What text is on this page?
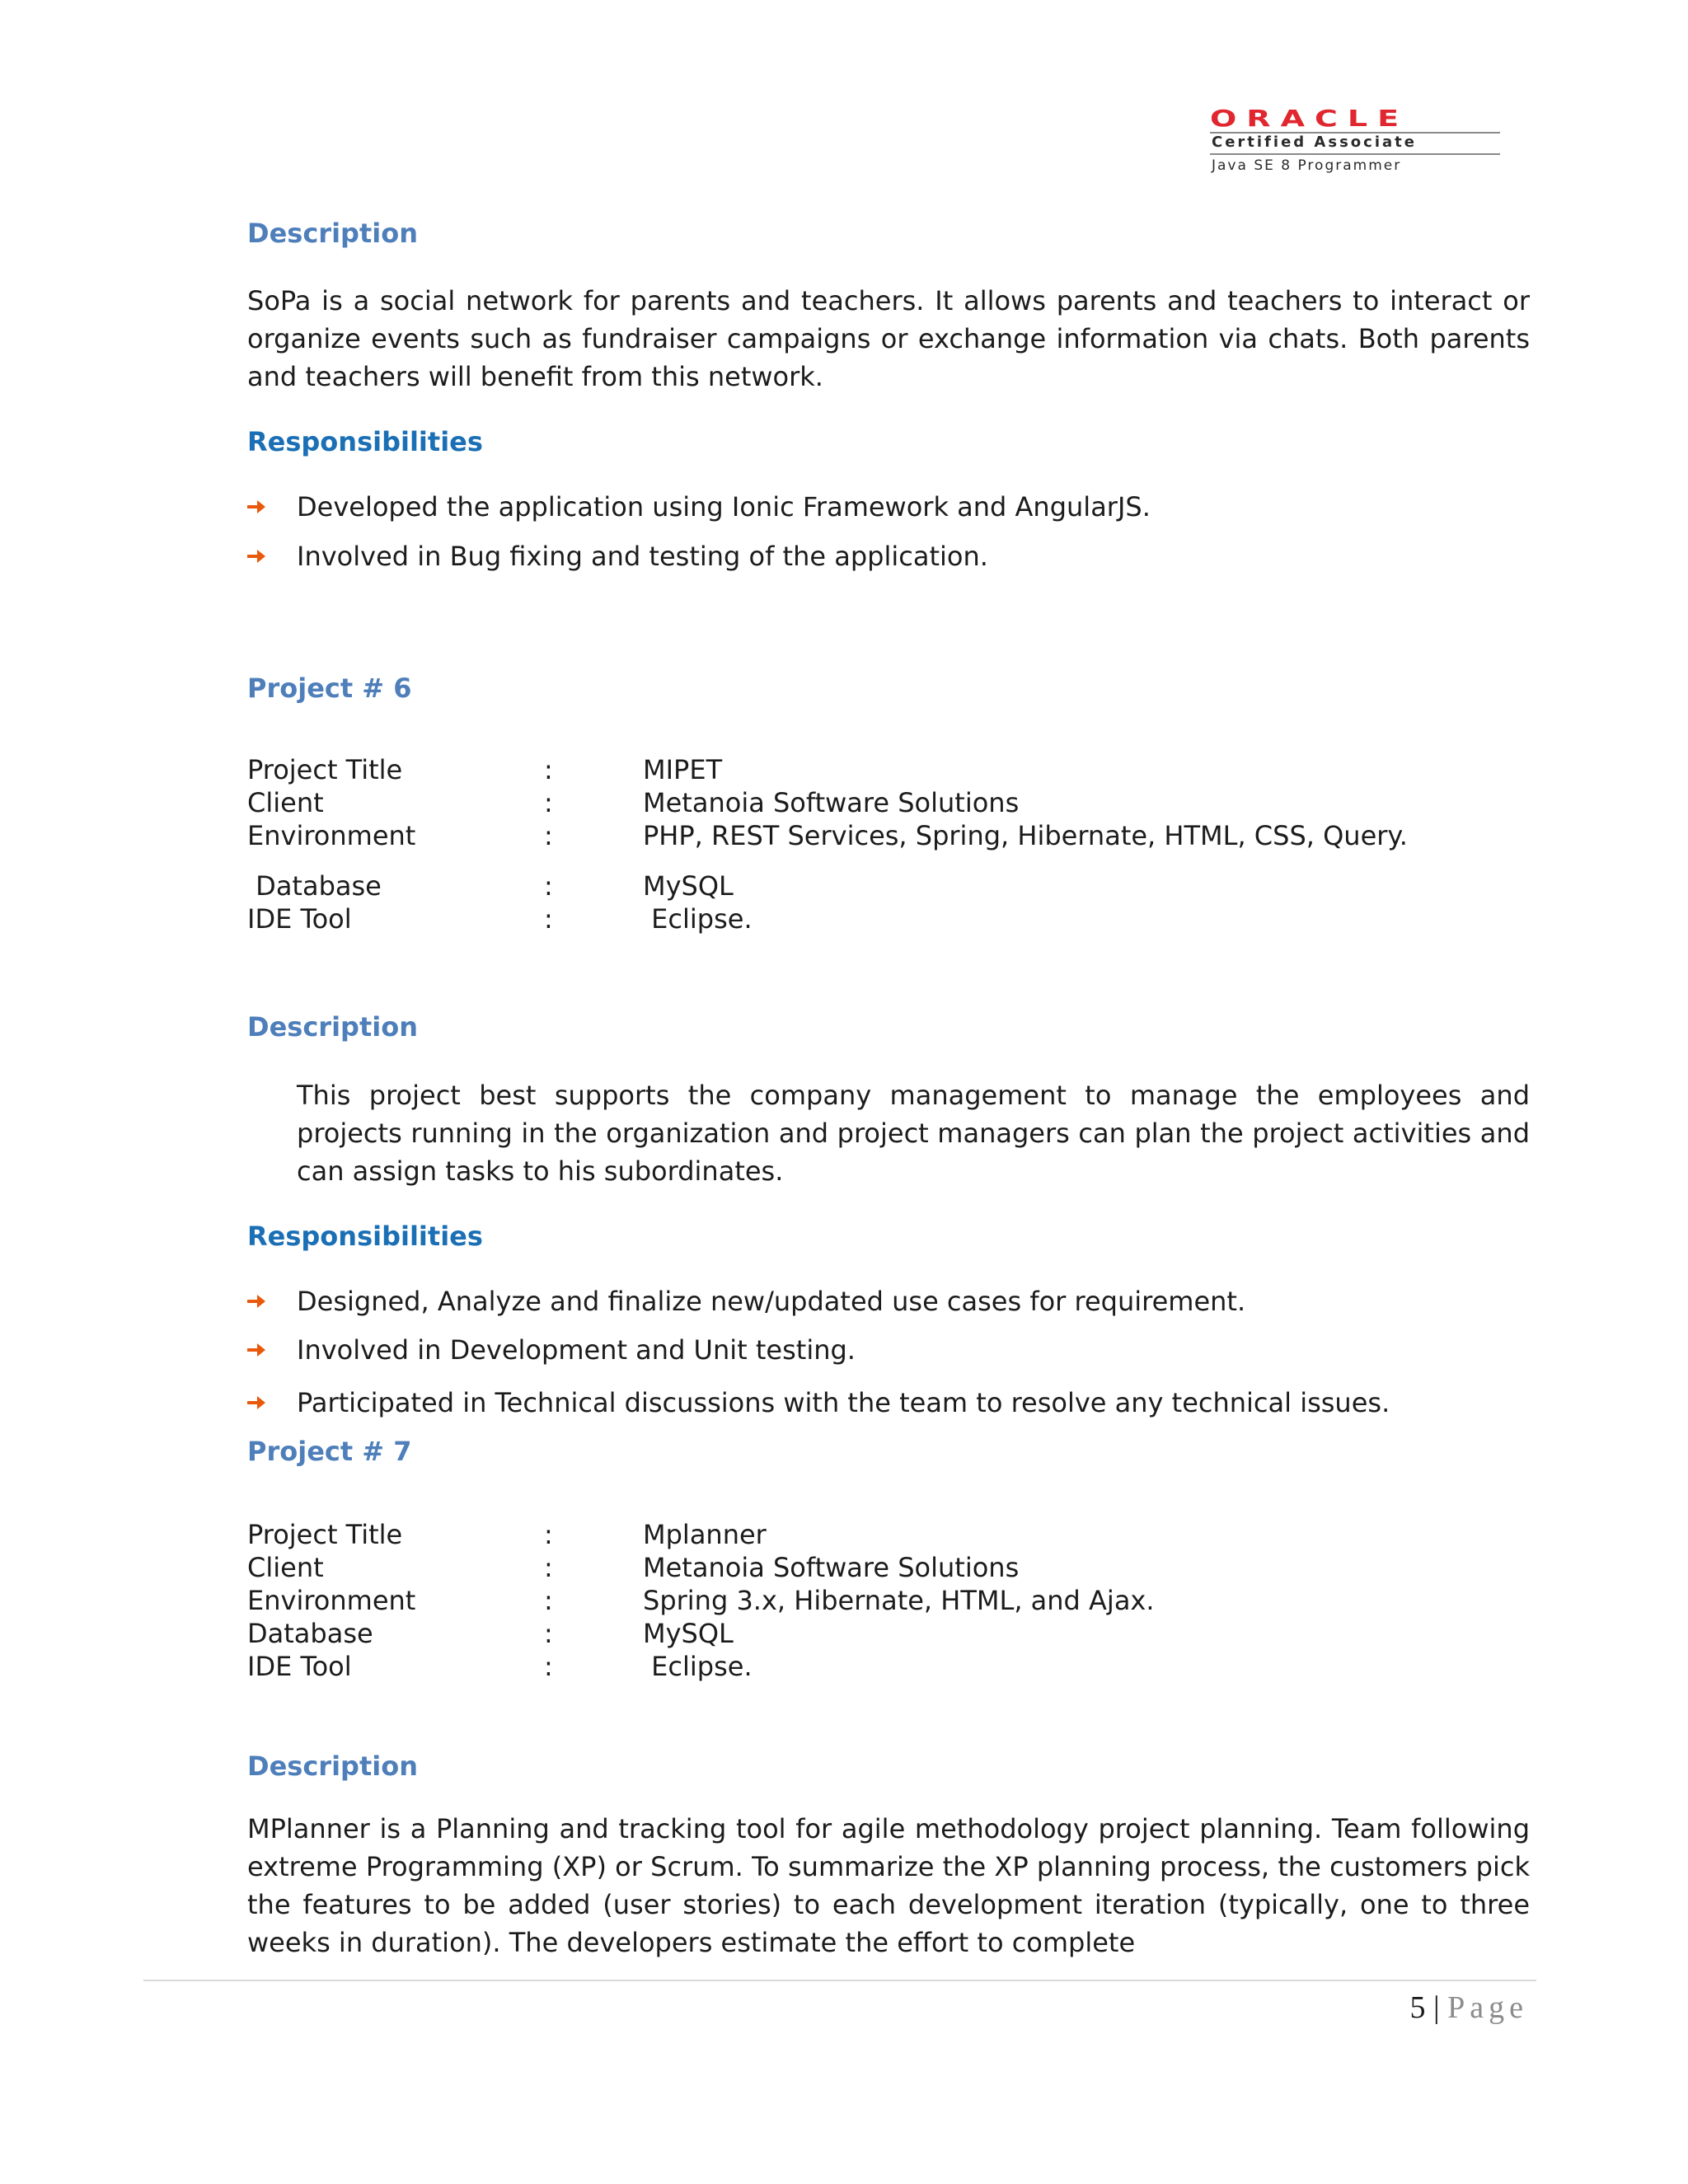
ORACLE
Certified Associate
Java SE 8 Programmer
Description
SoPa is a social network for parents and teachers. It allows parents and teachers to interact or organize events such as fundraiser campaigns or exchange information via chats. Both parents and teachers will benefit from this network.
Responsibilities
Developed the application using Ionic Framework and AngularJS.
Involved in Bug fixing and testing of the application.
Project # 6
Project Title	:	MIPET
Client	:	Metanoia Software Solutions
Environment	:	PHP, REST Services, Spring, Hibernate, HTML, CSS, Query.
Database	:	MySQL
IDE Tool	:	Eclipse.
Description
This project best supports the company management to manage the employees and projects running in the organization and project managers can plan the project activities and can assign tasks to his subordinates.
Responsibilities
Designed, Analyze and finalize new/updated use cases for requirement.
Involved in Development and Unit testing.
Participated in Technical discussions with the team to resolve any technical issues.
Project # 7
Project Title	:	Mplanner
Client	:	Metanoia Software Solutions
Environment	:	Spring 3.x, Hibernate, HTML, and Ajax.
Database	:	MySQL
IDE Tool	:	Eclipse.
Description
MPlanner is a Planning and tracking tool for agile methodology project planning. Team following extreme Programming (XP) or Scrum. To summarize the XP planning process, the customers pick the features to be added (user stories) to each development iteration (typically, one to three weeks in duration). The developers estimate the effort to complete
5 | Page
